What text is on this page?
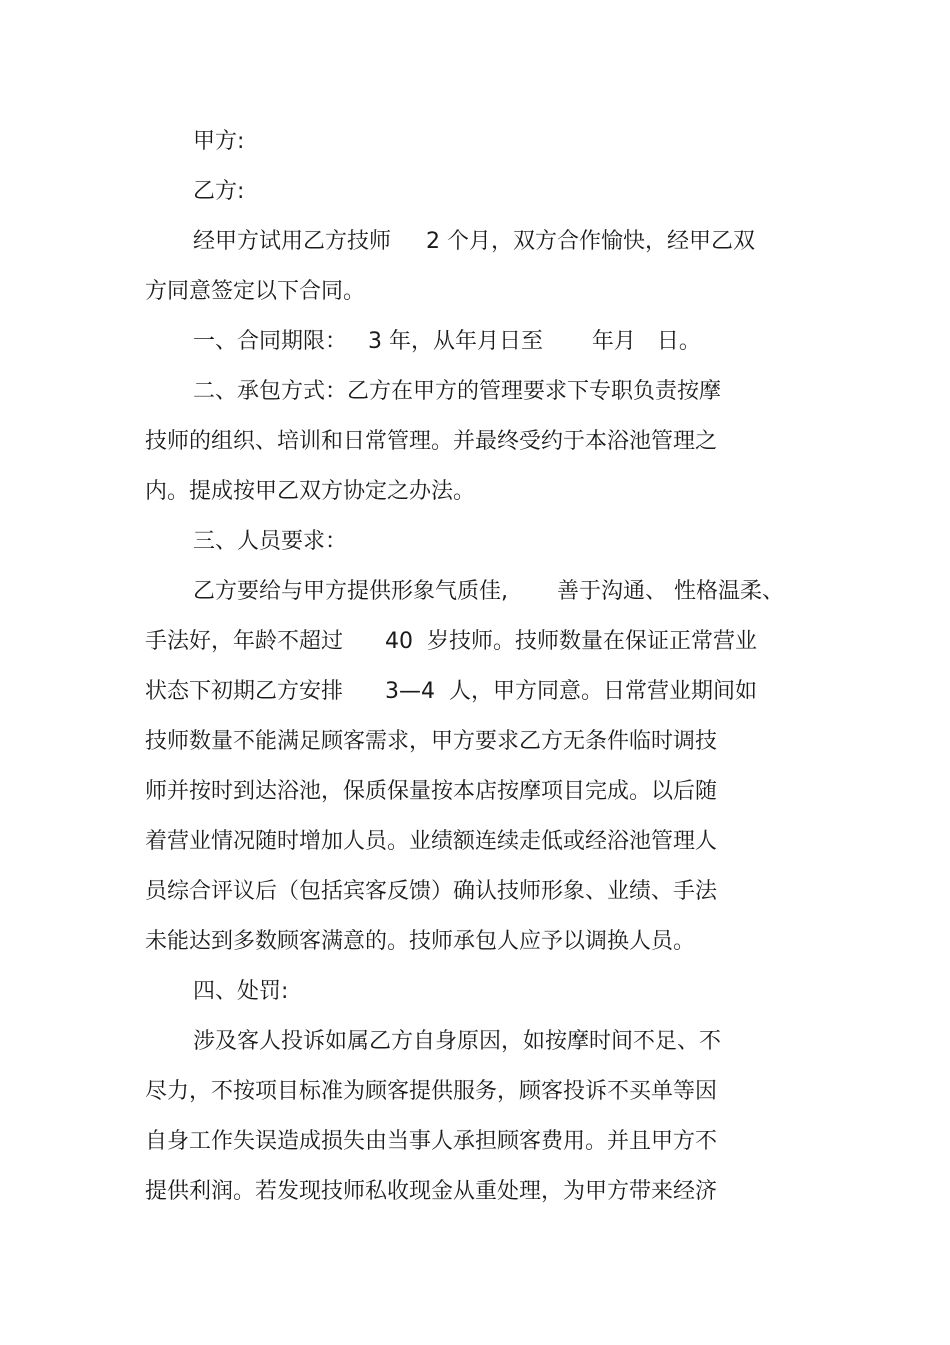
甲方:
乙方:
经甲方试用乙方技师     2 个月，双方合作愉快，经甲乙双
方同意签定以下合同。
一、合同期限：   3 年，从年月日至       年月   日。
二、承包方式：乙方在甲方的管理要求下专职负责按摩
技师的组织、培训和日常管理。并最终受约于本浴池管理之
内。提成按甲乙双方协定之办法。
三、人员要求：
乙方要给与甲方提供形象气质佳,       善于沟通、 性格温柔、
手法好，年龄不超过      40  岁技师。技师数量在保证正常营业
状态下初期乙方安排      3—4  人，甲方同意。日常营业期间如
技师数量不能满足顾客需求，甲方要求乙方无条件临时调技
师并按时到达浴池，保质保量按本店按摩项目完成。以后随
着营业情况随时增加人员。业绩额连续走低或经浴池管理人
员综合评议后（包括宾客反馈）确认技师形象、业绩、手法
未能达到多数顾客满意的。技师承包人应予以调换人员。
四、处罚:
涉及客人投诉如属乙方自身原因，如按摩时间不足、不
尽力，不按项目标准为顾客提供服务，顾客投诉不买单等因
自身工作失误造成损失由当事人承担顾客费用。并且甲方不
提供利润。若发现技师私收现金从重处理，为甲方带来经济
